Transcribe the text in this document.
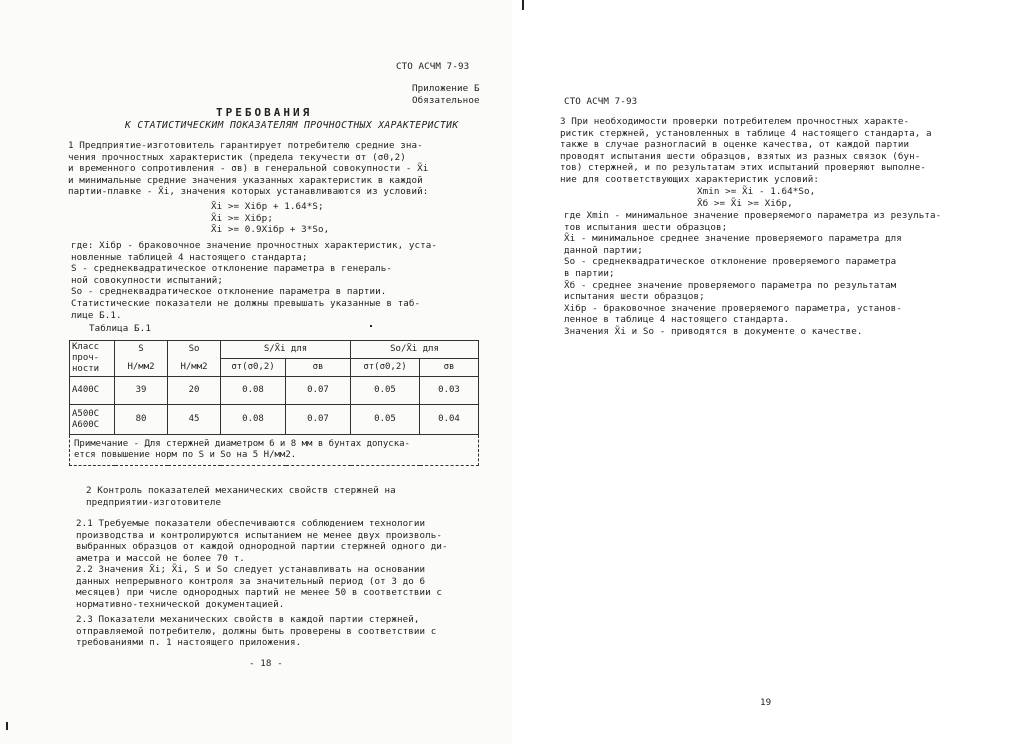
СТО АСЧМ 7-93
Приложение Б
Обязательное
ТРЕБОВАНИЯ
К СТАТИСТИЧЕСКИМ ПОКАЗАТЕЛЯМ ПРОЧНОСТНЫХ ХАРАКТЕРИСТИК
1 Предприятие-изготовитель гарантирует потребителю средние зна-
чения прочностных характеристик (предела текучести σт (σ0,2)
и временного сопротивления - σв) в генеральной совокупности - X̃i
и минимальные средние значения указанных характеристик в каждой
партии-плавке - X̄i, значения которых устанавливаются из условий:
X̄i >= Хiбр + 1.64*S;
X̃i >= Хiбр;
X̄i >= 0.9Хiбр + 3*So,
где: Хiбр - браковочное значение прочностных характеристик, уста-
новленные таблицей 4 настоящего стандарта;
S - среднеквадратическое отклонение параметра в генераль-
ной совокупности испытаний;
So - среднеквадратическое отклонение параметра в партии.
Статистические показатели не должны превышать указанные в таб-
лице Б.1.
Таблица Б.1
Класс
проч-
ности	S	So	S/X̄i для		So/X̄i для	
	Н/мм2	Н/мм2	σт(σ0,2)	σв	σт(σ0,2)	σв
А400С	39	20	0.08	0.07	0.05	0.03

А500С
А600С	80	45	0.08	0.07	0.05	0.04

Примечание - Для стержней диаметром 6 и 8 мм в бунтах допуска-
ется повышение норм по S и So на 5 Н/мм2.						
2 Контроль показателей механических свойств стержней на
предприятии-изготовителе
2.1 Требуемые показатели обеспечиваются соблюдением технологии
производства и контролируются испытанием не менее двух произволь-
выбранных образцов от каждой однородной партии стержней одного ди-
аметра и массой не более 70 т.
2.2 Значения X̄i; X̃i, S и So следует устанавливать на основании
данных непрерывного контроля за значительный период (от 3 до 6
месяцев) при числе однородных партий не менее 50 в соответствии с
нормативно-технической документацией.
2.3 Показатели механических свойств в каждой партии стержней,
отправляемой потребителю, должны быть проверены в соответствии с
требованиями п. 1 настоящего приложения.
- 18 -
СТО АСЧМ 7-93
3 При необходимости проверки потребителем прочностных характе-
ристик стержней, установленных в таблице 4 настоящего стандарта, а
также в случае разногласий в оценке качества, от каждой партии
проводят испытания шести образцов, взятых из разных связок (бун-
тов) стержней, и по результатам этих испытаний проверяют выполне-
ние для соответствующих характеристик условий:
Хmin >= X̃i - 1.64*So,
X̄б >= X̃i >= Хiбр,
где Хmin - минимальное значение проверяемого параметра из результа-
тов испытания шести образцов;
X̃i - минимальное среднее значение проверяемого параметра для
данной партии;
So - среднеквадратическое отклонение проверяемого параметра
в партии;
X̄б - среднее значение проверяемого параметра по результатам
испытания шести образцов;
Хiбр - браковочное значение проверяемого параметра, установ-
ленное в таблице 4 настоящего стандарта.
Значения X̃i и So - приводятся в документе о качестве.
19
